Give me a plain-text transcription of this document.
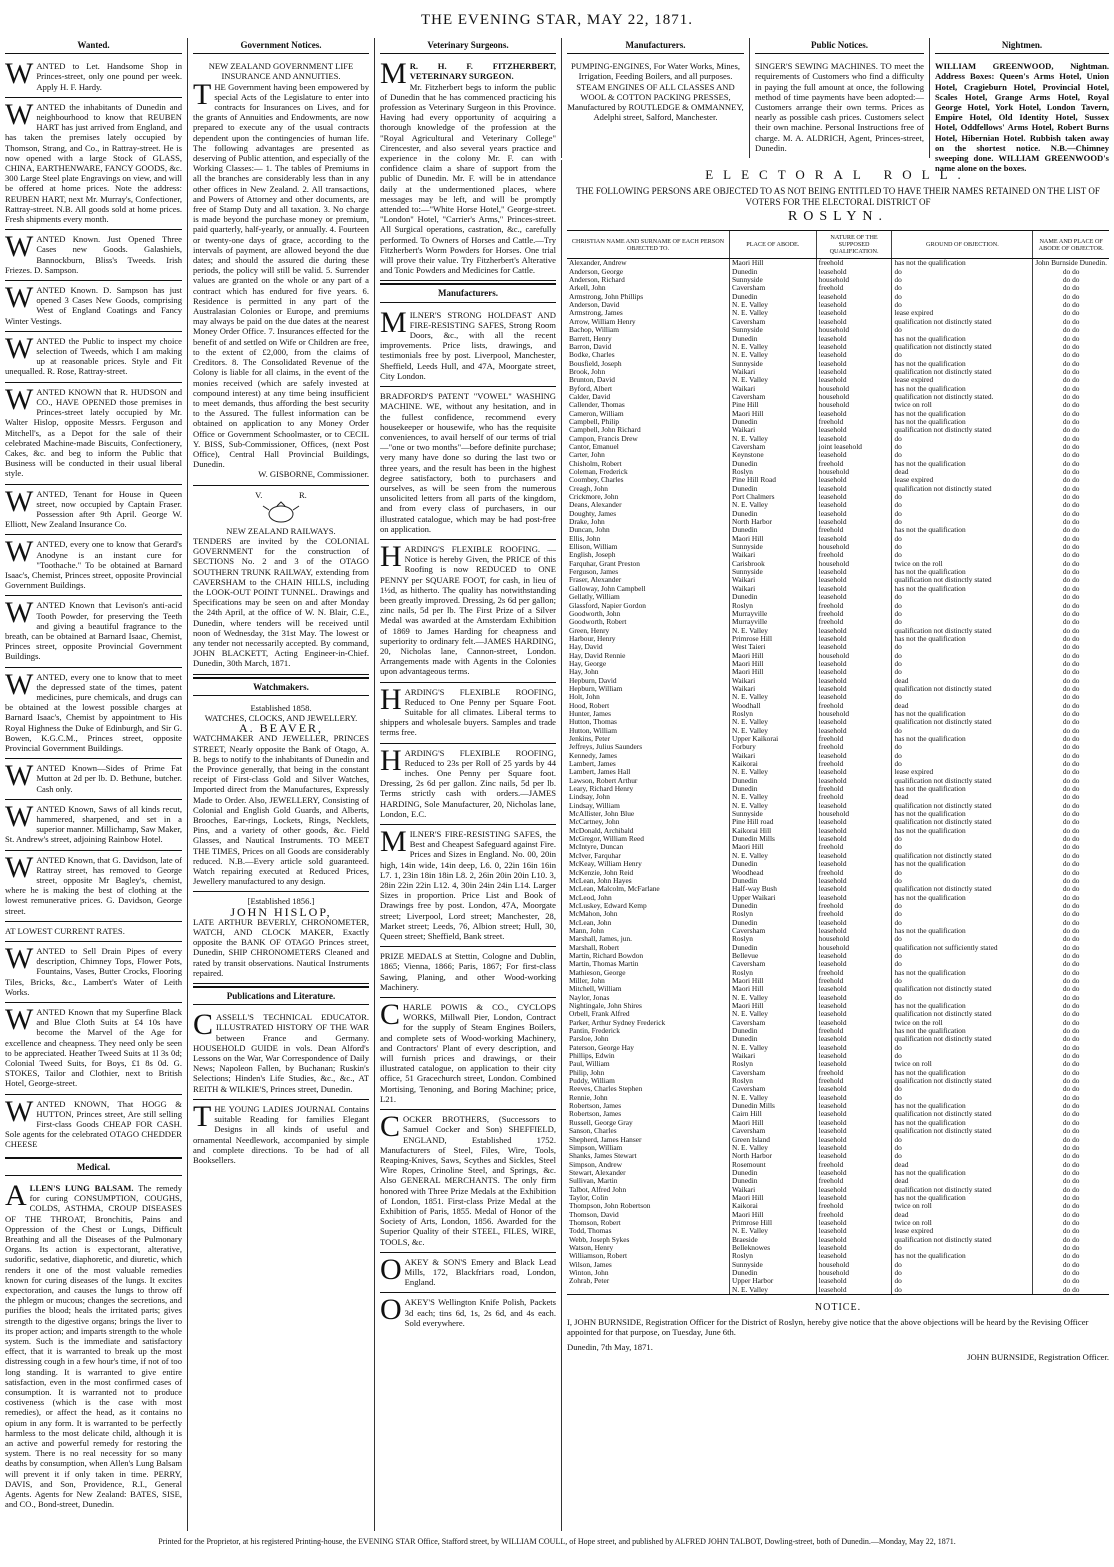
THE EVENING STAR, MAY 22, 1871.
Wanted.
WANTED to Let. Handsome Shop in Princes-street, only one pound per week. Apply H. F. Hardy.
WANTED the inhabitants of Dunedin and neighbourhood to know that REUBEN HART has just arrived from England, and has taken the premises lately occupied by Thomson, Strang, and Co., in Rattray-street. He is now opened with a large Stock of GLASS, CHINA, EARTHENWARE, FANCY GOODS, &c. 300 Large Steel plate Engravings on view, and will be offered at home prices. Note the address: REUBEN HART, next Mr. Murray's, Confectioner, Rattray-street. N.B. All goods sold at home prices. Fresh shipments every month.
WANTED Known. Just Opened Three Cases new Goods. Galashiels, Bannockburn, Bliss's Tweeds. Irish Friezes. D. Sampson.
WANTED Known. D. Sampson has just opened 3 Cases New Goods, comprising West of England Coatings and Fancy Winter Vestings.
WANTED the Public to inspect my choice selection of Tweeds, which I am making up at reasonable prices. Style and Fit unequalled. R. Rose, Rattray-street.
WANTED KNOWN that R. HUDSON and CO., HAVE OPENED those premises in Princes-street lately occupied by Mr. Walter Hislop, opposite Messrs. Ferguson and Mitchell's, as a Depot for the sale of their celebrated Machine-made Biscuits, Confectionery, Cakes, &c. and beg to inform the Public that Business will be conducted in their usual liberal style.
WANTED, Tenant for House in Queen street, now occupied by Captain Fraser. Possession after 9th April. George W. Elliott, New Zealand Insurance Co.
WANTED, every one to know that Gerard's Anodyne is an instant cure for "Toothache." To be obtained at Barnard Isaac's, Chemist, Princes street, opposite Provincial Government Buildings.
WANTED Known that Levison's anti-acid Tooth Powder, for preserving the Teeth and giving a beautiful fragrance to the breath, can be obtained at Barnard Isaac, Chemist, Princes street, opposite Provincial Government Buildings.
WANTED, every one to know that to meet the depressed state of the times, patent medicines, pure chemicals, and drugs can be obtained at the lowest possible charges at Barnard Isaac's, Chemist by appointment to His Royal Highness the Duke of Edinburgh, and Sir G. Bowen, K.G.C.M., Princes street, opposite Provincial Government Buildings.
WANTED Known—Sides of Prime Fat Mutton at 2d per lb. D. Bethune, butcher. Cash only.
WANTED Known, Saws of all kinds recut, hammered, sharpened, and set in a superior manner. Millichamp, Saw Maker, St. Andrew's street, adjoining Rainbow Hotel.
WANTED Known, that G. Davidson, late of Rattray street, has removed to George street, opposite Mr Bagley's, chemist, where he is making the best of clothing at the lowest remunerative prices. G. Davidson, George street.
AT LOWEST CURRENT RATES.
WANTED to Sell Drain Pipes of every description, Chimney Tops, Flower Pots, Fountains, Vases, Butter Crocks, Flooring Tiles, Bricks, &c., Lambert's Water of Leith Works.
WANTED Known that my Superfine Black and Blue Cloth Suits at £4 10s have become the Marvel of the Age for excellence and cheapness. They need only be seen to be appreciated. Heather Tweed Suits at 1l 3s 0d; Colonial Tweed Suits, for Boys, £1 8s 0d. G. STOKES, Tailor and Clothier, next to British Hotel, George-street.
WANTED KNOWN, That HOGG & HUTTON, Princes street, Are still selling First-class Goods CHEAP FOR CASH. Sole agents for the celebrated OTAGO CHEDDER CHEESE
Medical.
A LLEN'S LUNG BALSAM. The remedy for curing CONSUMPTION, COUGHS, COLDS, ASTHMA, CROUP DISEASES OF THE THROAT, Bronchitis, Pains and Oppression of the Chest or Lungs, Difficult Breathing and all the Diseases of the Pulmonary Organs. Its action is expectorant, alterative, sudorific, sedative, diaphoretic, and diuretic, which renders it one of the most valuable remedies known for curing diseases of the lungs. It excites expectoration, and causes the lungs to throw off the phlegm or mucous; changes the secretions, and purifies the blood; heals the irritated parts; gives strength to the digestive organs; brings the liver to its proper action; and imparts strength to the whole system. Such is the immediate and satisfactory effect, that it is warranted to break up the most distressing cough in a few hour's time, if not of too long standing. It is warranted to give entire satisfaction, even in the most confirmed cases of consumption. It is warranted not to produce costiveness (which is the case with most remedies), or affect the head, as it contains no opium in any form. It is warranted to be perfectly harmless to the most delicate child, although it is an active and powerful remedy for restoring the system. There is no real necessity for so many deaths by consumption, when Allen's Lung Balsam will prevent it if only taken in time. PERRY, DAVIS, and Son, Providence, R.I., General Agents. Agents for New Zealand: BATES, SISE, and CO., Bond-street, Dunedin.
Government Notices.
NEW ZEALAND GOVERNMENT LIFE INSURANCE AND ANNUITIES.
T HE Government having been empowered by special Acts of the Legislature to enter into contracts for Insurances on Lives, and for the grants of Annuities and Endowments, are now prepared to execute any of the usual contracts dependent upon the contingencies of human life. The following advantages are presented as deserving of Public attention, and especially of the Working Classes:— 1. The tables of Premiums in all the branches are considerably less than in any other offices in New Zealand. 2. All transactions, and Powers of Attorney and other documents, are free of Stamp Duty and all taxation. 3. No charge is made beyond the purchase money or premium, paid quarterly, half-yearly, or annually. 4. Fourteen or twenty-one days of grace, according to the intervals of payment, are allowed beyond the due dates; and should the assured die during these periods, the policy will still be valid. 5. Surrender values are granted on the whole or any part of a contract which has endured for five years. 6. Residence is permitted in any part of the Australasian Colonies or Europe, and premiums may always be paid on the due dates at the nearest Money Order Office. 7. Insurances effected for the benefit of and settled on Wife or Children are free, to the extent of £2,000, from the claims of Creditors. 8. The Consolidated Revenue of the Colony is liable for all claims, in the event of the monies received (which are safely invested at compound interest) at any time being insufficient to meet demands, thus affording the best security to the Assured. The fullest information can be obtained on application to any Money Order Office or Government Schoolmaster, or to CECIL Y. BISS, Sub-Commissioner, Offices, (next Post Office), Central Hall Provincial Buildings, Dunedin.
W. GISBORNE, Commissioner.
V.                 R.
NEW ZEALAND RAILWAYS.
TENDERS are invited by the COLONIAL GOVERNMENT for the construction of SECTIONS No. 2 and 3 of the OTAGO SOUTHERN TRUNK RAILWAY, extending from CAVERSHAM to the CHAIN HILLS, including the LOOK-OUT POINT TUNNEL. Drawings and Specifications may be seen on and after Monday the 24th April, at the office of W. N. Blair, C.E., Dunedin, where tenders will be received until noon of Wednesday, the 31st May. The lowest or any tender not necessarily accepted. By command, JOHN BLACKETT, Acting Engineer-in-Chief. Dunedin, 30th March, 1871.
Watchmakers.
Established 1858.
WATCHES, CLOCKS, AND JEWELLERY.
A. BEAVER,
WATCHMAKER AND JEWELLER, PRINCES STREET, Nearly opposite the Bank of Otago, A. B. begs to notify to the inhabitants of Dunedin and the Province generally, that being in the constant receipt of First-class Gold and Silver Watches, Imported direct from the Manufactures, Expressly Made to Order. Also, JEWELLERY, Consisting of Colonial and English Gold Guards, and Alberts, Brooches, Ear-rings, Lockets, Rings, Necklets, Pins, and a variety of other goods, &c. Field Glasses, and Nautical Instruments. TO MEET THE TIMES, Prices on all Goods are considerably reduced. N.B.—Every article sold guaranteed. Watch repairing executed at Reduced Prices, Jewellery manufactured to any design.
[Established 1856.]
JOHN HISLOP,
LATE ARTHUR BEVERLY, CHRONOMETER, WATCH, AND CLOCK MAKER, Exactly opposite the BANK OF OTAGO Princes street, Dunedin, SHIP CHRONOMETERS Cleaned and rated by transit observations. Nautical Instruments repaired.
Publications and Literature.
C ASSELL'S TECHNICAL EDUCATOR. ILLUSTRATED HISTORY OF THE WAR between France and Germany. HOUSEHOLD GUIDE in vols. Dean Alford's Lessons on the War, War Correspondence of Daily News; Napoleon Fallen, by Buchanan; Ruskin's Selections; Hinden's Life Studies, &c., &c., AT REITH & WILKIE'S, Princes street, Dunedin.
T HE YOUNG LADIES JOURNAL Contains suitable Reading for families Elegant Designs in all kinds of useful and ornamental Needlework, accompanied by simple and complete directions. To be had of all Booksellers.
Veterinary Surgeons.
M R. H. F. FITZHERBERT, VETERINARY SURGEON.
Mr. Fitzherbert begs to inform the public of Dunedin that he has commenced practicing his profession as Veterinary Surgeon in this Province. Having had every opportunity of acquiring a thorough knowledge of the profession at the "Royal Agricultural and Veterinary College" Cirencester, and also several years practice and experience in the colony Mr. F. can with confidence claim a share of support from the public of Dunedin. Mr. F. will be in attendance daily at the undermentioned places, where messages may be left, and will be promptly attended to:—"White Horse Hotel," George-street. "London" Hotel, "Carrier's Arms," Princes-street. All Surgical operations, castration, &c., carefully performed. To Owners of Horses and Cattle.—Try Fitzherbert's Worm Powders for Horses. One trial will prove their value. Try Fitzherbert's Alterative and Tonic Powders and Medicines for Cattle.
Manufacturers.
MILNER'S STRONG HOLDFAST AND FIRE-RESISTING SAFES, Strong Room Doors, &c., with all the recent improvements. Price lists, drawings, and testimonials free by post. Liverpool, Manchester, Sheffield, Leeds Hull, and 47A, Moorgate street, City London.
BRADFORD'S PATENT "VOWEL" WASHING MACHINE. WE, without any hesitation, and in the fullest confidence, recommend every housekeeper or housewife, who has the requisite conveniences, to avail herself of our terms of trial—"one or two months"—before definite purchase; very many have done so during the last two or three years, and the result has been in the highest degree satisfactory, both to purchasers and ourselves, as will be seen from the numerous unsolicited letters from all parts of the kingdom, and from every class of purchasers, in our illustrated catalogue, which may be had post-free on application.
HARDING'S FLEXIBLE ROOFING. —Notice is hereby Given, the PRICE of this Roofing is now REDUCED to ONE PENNY per SQUARE FOOT, for cash, in lieu of 1½d, as hitherto. The quality has notwithstanding been greatly improved. Dressing, 2s 6d per gallon; zinc nails, 5d per lb. The First Prize of a Silver Medal was awarded at the Amsterdam Exhibition of 1869 to James Harding for cheapness and superiority to ordinary felt.—JAMES HARDING, 20, Nicholas lane, Cannon-street, London. Arrangements made with Agents in the Colonies upon advantageous terms.
HARDING'S FLEXIBLE ROOFING, Reduced to One Penny per Square Foot. Suitable for all climates. Liberal terms to shippers and wholesale buyers. Samples and trade terms free.
HARDING'S FLEXIBLE ROOFING, Reduced to 23s per Roll of 25 yards by 44 inches. One Penny per Square foot. Dressing, 2s 6d per gallon. Zinc nails, 5d per lb. Terms strictly cash with orders.—JAMES HARDING, Sole Manufacturer, 20, Nicholas lane, London, E.C.
MILNER'S FIRE-RESISTING SAFES, the Best and Cheapest Safeguard against Fire. Prices and Sizes in England. No. 00, 20in high, 14in wide, 14in deep, L6. 0, 22in 16in 16in L7. 1, 23in 18in 18in L8. 2, 26in 20in 20in L10. 3, 28in 22in 22in L12. 4, 30in 24in 24in L14. Larger Sizes in proportion. Price List and Book of Drawings free by post. London, 47A, Moorgate street; Liverpool, Lord street; Manchester, 28, Market street; Leeds, 76, Albion street; Hull, 30, Queen street; Sheffield, Bank street.
PRIZE MEDALS at Stettin, Cologne and Dublin, 1865; Vienna, 1866; Paris, 1867; For first-class Sawing, Planing, and other Wood-working Machinery.
CHARLE POWIS & CO., CYCLOPS WORKS, Millwall Pier, London, Contract for the supply of Steam Engines Boilers, and complete sets of Wood-working Machinery, and Contractors' Plant of every description, and will furnish prices and drawings, or their illustrated catalogue, on application to their city office, 51 Gracechurch street, London. Combined Mortising, Tenoning, and Boring Machine; price, L21.
COCKER BROTHERS, (Successors to Samuel Cocker and Son) SHEFFIELD, ENGLAND, Established 1752. Manufacturers of Steel, Files, Wire, Tools, Reaping-Knives, Saws, Scythes and Sickles, Steel Wire Ropes, Crinoline Steel, and Springs, &c. Also GENERAL MERCHANTS. The only firm honored with Three Prize Medals at the Exhibition of London, 1851. First-class Prize Medal at the Exhibition of Paris, 1855. Medal of Honor of the Society of Arts, London, 1856. Awarded for the Superior Quality of their STEEL, FILES, WIRE, TOOLS, &c.
OAKEY & SON'S Emery and Black Lead Mills, 172, Blackfriars road, London, England.
OAKEY'S Wellington Knife Polish, Packets 3d each; tins 6d, 1s, 2s 6d, and 4s each. Sold everywhere.
Manufacturers.
PUMPING-ENGINES, For Water Works, Mines, Irrigation, Feeding Boilers, and all purposes. STEAM ENGINES OF ALL CLASSES AND WOOL & COTTON PACKING PRESSES, Manufactured by ROUTLEDGE & OMMANNEY, Adelphi street, Salford, Manchester.
Public Notices.
SINGER'S SEWING MACHINES. TO meet the requirements of Customers who find a difficulty in paying the full amount at once, the following method of time payments have been adopted:— Customers arrange their own terms. Prices as nearly as possible cash prices. Customers select their own machine. Personal Instructions free of charge. M. A. ALDRICH, Agent, Princes-street, Dunedin.
Nightmen.
WILLIAM GREENWOOD, Nightman. Address Boxes: Queen's Arms Hotel, Union Hotel, Cragieburn Hotel, Provincial Hotel, Scales Hotel, Grange Arms Hotel, Royal George Hotel, York Hotel, London Tavern, Empire Hotel, Old Identity Hotel, Sussex Hotel, Oddfellows' Arms Hotel, Robert Burns Hotel, Hibernian Hotel. Rubbish taken away on the shortest notice. N.B.—Chimney sweeping done. WILLIAM GREENWOOD's name alone on the boxes.
ELECTORAL ROLL.
THE FOLLOWING PERSONS ARE OBJECTED TO AS NOT BEING ENTITLED TO HAVE THEIR NAMES RETAINED ON THE LIST OF VOTERS FOR THE ELECTORAL DISTRICT OF
ROSLYN.
CHRISTIAN NAME AND SURNAME OF EACH PERSON OBJECTED TO.	PLACE OF ABODE.	NATURE OF THE SUPPOSED QUALIFICATION.	GROUND OF OBJECTION.	NAME AND PLACE OF ABODE OF OBJECTOR.
Alexander, Andrew	Maori Hill	freehold	has not the qualification	John Burnside Dunedin.
Anderson, George	Dunedin	leasehold	do	do do
Anderson, Richard	Sunnyside	household	do	do do
Arkell, John	Caversham	freehold	do	do do
Armstrong, John Phillips	Dunedin	leasehold	do	do do
Anderson, David	N. E. Valley	leasehold	do	do do
Armstrong, James	N. E. Valley	leasehold	lease expired	do do
Arrow, William Henry	Caversham	leasehold	qualification not distinctly stated	do do
Bachop, William	Sunnyside	household	do	do do
Barrett, Henry	Dunedin	leasehold	has not the qualification	do do
Barron, David	N. E. Valley	leasehold	qualification not distinctly stated	do do
Bodke, Charles	N. E. Valley	leasehold	do	do do
Bousfield, Joseph	Sunnyside	leasehold	has not the qualification	do do
Brook, John	Waikari	leasehold	qualification not distinctly stated	do do
Brunton, David	N. E. Valley	leasehold	lease expired	do do
Byford, Albert	Waikari	household	has not the qualification	do do
Calder, David	Caversham	household	qualification not distinctly stated.	do do
Callender, Thomas	Pine Hill	household	twice on roll	do do
Cameron, William	Maori Hill	leasehold	has not the qualification	do do
Campbell, Philip	Dunedin	freehold	has not the qualification	do do
Campbell, John Richard	Waikari	leasehold	qualification not distinctly stated	do do
Campon, Francis Drew	N. E. Valley	leasehold	do	do do
Cantor, Emanuel	Caversham	joint leasehold	do	do do
Carter, John	Keynstone	leasehold	do	do do
Chisholm, Robert	Dunedin	freehold	has not the qualification	do do
Coleman, Frederick	Roslyn	household	dead	do do
Coombey, Charles	Pine Hill Road	leasehold	lease expired	do do
Creagh, John	Dunedin	leasehold	qualification not distinctly stated	do do
Crickmore, John	Port Chalmers	leasehold	do	do do
Deans, Alexander	N. E. Valley	leasehold	do	do do
Doughty, James	Dunedin	leasehold	do	do do
Drake, John	North Harbor	leasehold	do	do do
Duncan, John	Dunedin	freehold	has not the qualification	do do
Ellis, John	Maori Hill	leasehold	do	do do
Ellison, William	Sunnyside	household	do	do do
English, Joseph	Waikari	freehold	do	do do
Farquhar, Grant Preston	Carisbrook	household	twice on the roll	do do
Ferguson, James	Sunnyside	leasehold	has not the qualification	do do
Fraser, Alexander	Waikari	leasehold	qualification not distinctly stated	do do
Galloway, John Campbell	Waikari	leasehold	has not the qualification	do do
Gellatly, William	Dunedin	leasehold	do	do do
Glassford, Napier Gordon	Roslyn	freehold	do	do do
Goodworth, John	Murrayville	freehold	do	do do
Goodworth, Robert	Murrayville	freehold	do	do do
Green, Henry	N. E. Valley	leasehold	qualification not distinctly stated	do do
Harbour, Henry	Primrose Hill	leasehold	has not the qualification	do do
Hay, David	West Taieri	leasehold	do	do do
Hay, David Rennie	Maori Hill	household	do	do do
Hay, George	Maori Hill	leasehold	do	do do
Hay, John	Maori Hill	leasehold	do	do do
Hepburn, David	Waikari	leasehold	dead	do do
Hepburn, William	Waikari	leasehold	qualification not distinctly stated	do do
Holt, John	N. E. Valley	leasehold	do	do do
Hood, Robert	Woodhall	freehold	dead	do do
Hunter, James	Roslyn	household	has not the qualification	do do
Hutton, Thomas	N. E. Valley	leasehold	qualification not distinctly stated	do do
Hutton, William	N. E. Valley	leasehold	do	do do
Jenkins, Peter	Upper Kaikorai	freehold	has not the qualification	do do
Jeffreys, Julius Saunders	Forbury	freehold	do	do do
Kennedy, James	Waikari	leasehold	do	do do
Lambert, James	Kaikorai	freehold	do	do do
Lambert, James Hall	N. E. Valley	leasehold	lease expired	do do
Lawson, Robert Arthur	Dunedin	leasehold	qualification not distinctly stated	do do
Leary, Richard Henry	Dunedin	freehold	has not the qualification	do do
Lindsay, John	N. E. Valley	freehold	dead	do do
Lindsay, William	N. E. Valley	leasehold	qualification not distinctly stated	do do
McAllister, John Blue	Sunnyside	household	has not the qualification	do do
McCartney, John	Pine Hill road	leasehold	qualification not distinctly stated	do do
McDonald, Archibald	Kaikorai Hill	leasehold	has not the qualification	do do
McGregor, William Reed	Dunedin Mills	leasehold	do	do do
McIntyre, Duncan	Maori Hill	freehold	do	do do
McIver, Farquhar	N. E. Valley	leasehold	qualification not distinctly stated	do do
McKeay, William Henry	Dunedin	leasehold	has not the qualification	do do
McKenzie, John Reid	Woodhead	freehold	do	do do
McLean, John Hayes	Dunedin	leasehold	do	do do
McLean, Malcolm, McFarlane	Half-way Bush	leasehold	qualification not distinctly stated	do do
McLeod, John	Upper Waikari	leasehold	has not the qualification	do do
McLuskey, Edward Kemp	Dunedin	freehold	do	do do
McMahon, John	Roslyn	freehold	do	do do
McLean, John	Dunedin	leasehold	do	do do
Mann, John	Caversham	leasehold	has not the qualification	do do
Marshall, James, jun.	Roslyn	household	do	do do
Marshall, Robert	Dunedin	household	qualification not sufficiently stated	do do
Martin, Richard Bowdon	Bellevue	leasehold	do	do do
Martin, Thomas Martin	Caversham	leasehold	do	do do
Mathieson, George	Roslyn	freehold	has not the qualification	do do
Miller, John	Maori Hill	freehold	do	do do
Mitchell, William	Maori Hill	leasehold	qualification not distinctly stated	do do
Naylor, Jonas	N. E. Valley	leasehold	do	do do
Nightingale, John Shires	Maori Hill	leasehold	has not the qualification	do do
Orbell, Frank Alfred	N. E. Valley	leasehold	qualification not distinctly stated	do do
Parker, Arthur Sydney Frederick	Caversham	leasehold	twice on the roll	do do
Pantin, Frederick	Dunedin	freehold	has not the qualification	do do
Parsloe, John	Dunedin	leasehold	qualification not distinctly stated	do do
Paterson, George Hay	N. E. Valley	leasehold	do	do do
Phillips, Edwin	Waikari	leasehold	do	do do
Paul, William	Roslyn	leasehold	twice on roll	do do
Philip, John	Caversham	freehold	has not the qualification	do do
Puddy, William	Roslyn	freehold	qualification not distinctly stated	do do
Reeves, Charles Stephen	Caversham	leasehold	do	do do
Rennie, John	N. E. Valley	leasehold	do	do do
Robertson, James	Dunedin Mills	leasehold	has not the qualification	do do
Robertson, James	Cairn Hill	leasehold	qualification not distinctly stated	do do
Russell, George Gray	Maori Hill	leasehold	has not the qualification	do do
Sanson, Charles	Caversham	leasehold	qualification not distinctly stated	do do
Shepherd, James Hanser	Green Island	leasehold	do	do do
Simpson, William	N. E. Valley	leasehold	do	do do
Shanks, James Stewart	North Harbor	leasehold	do	do do
Simpson, Andrew	Rosemount	freehold	dead	do do
Stewart, Alexander	Dunedin	leasehold	has not the qualification	do do
Sullivan, Martin	Dunedin	freehold	dead	do do
Talbot, Alfred John	Waikari	leasehold	qualification not distinctly stated	do do
Taylor, Colin	Maori Hill	leasehold	has not the qualification	do do
Thompson, John Robertson	Kaikorai	freehold	twice on roll	do do
Thomson, David	Maori Hill	freehold	dead	do do
Thomson, Robert	Primrose Hill	leasehold	twice on roll	do do
Todd, Thomas	N. E. Valley	leasehold	lease expired	do do
Webb, Joseph Sykes	Braeside	leasehold	qualification not distinctly stated	do do
Watson, Henry	Belleknowes	leasehold	do	do do
Williamson, Robert	Roslyn	leasehold	has not the qualification	do do
Wilson, James	Sunnyside	household	do	do do
Winton, John	Dunedin	household	do	do do
Zohrab, Peter	Upper Harbor	leasehold	do	do do
	N. E. Valley	leasehold	do	do do
NOTICE.
I, JOHN BURNSIDE, Registration Officer for the District of Roslyn, hereby give notice that the above objections will be heard by the Revising Officer appointed for that purpose, on Tuesday, June 6th.
Dunedin, 7th May, 1871.
JOHN BURNSIDE, Registration Officer.
Printed for the Proprietor, at his registered Printing-house, the EVENING STAR Office, Stafford street, by WILLIAM COULL, of Hope street, and published by ALFRED JOHN TALBOT, Dowling-street, both of Dunedin.—Monday, May 22, 1871.
